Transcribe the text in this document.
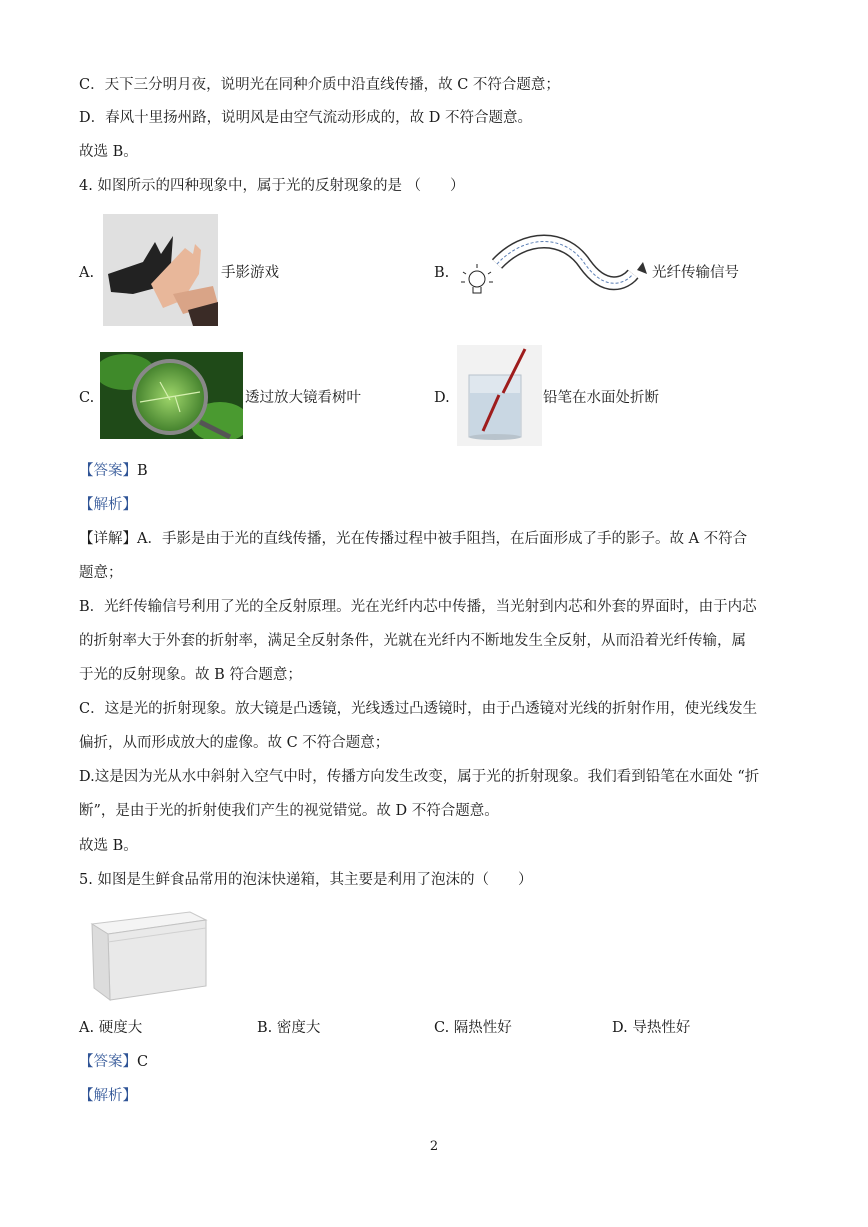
C．天下三分明月夜，说明光在同种介质中沿直线传播，故 C 不符合题意；
D．春风十里扬州路，说明风是由空气流动形成的，故 D 不符合题意。
故选 B。
4. 如图所示的四种现象中，属于光的反射现象的是 （　　）
A.	手影游戏	B.	光纤传输信号
C.	透过放大镜看树叶	D.	铅笔在水面处折断
【答案】B
【解析】
【详解】A．手影是由于光的直线传播，光在传播过程中被手阻挡，在后面形成了手的影子。故 A 不符合
题意；
B．光纤传输信号利用了光的全反射原理。光在光纤内芯中传播，当光射到内芯和外套的界面时，由于内芯
的折射率大于外套的折射率，满足全反射条件，光就在光纤内不断地发生全反射，从而沿着光纤传输，属
于光的反射现象。故 B 符合题意；
C．这是光的折射现象。放大镜是凸透镜，光线透过凸透镜时，由于凸透镜对光线的折射作用，使光线发生
偏折，从而形成放大的虚像。故 C 不符合题意；
D.这是因为光从水中斜射入空气中时，传播方向发生改变，属于光的折射现象。我们看到铅笔在水面处 “折
断”，是由于光的折射使我们产生的视觉错觉。故 D 不符合题意。
故选 B。
5. 如图是生鲜食品常用的泡沫快递箱，其主要是利用了泡沫的（　　）
A. 硬度大	B. 密度大	C. 隔热性好	D. 导热性好
【答案】C
【解析】
2
